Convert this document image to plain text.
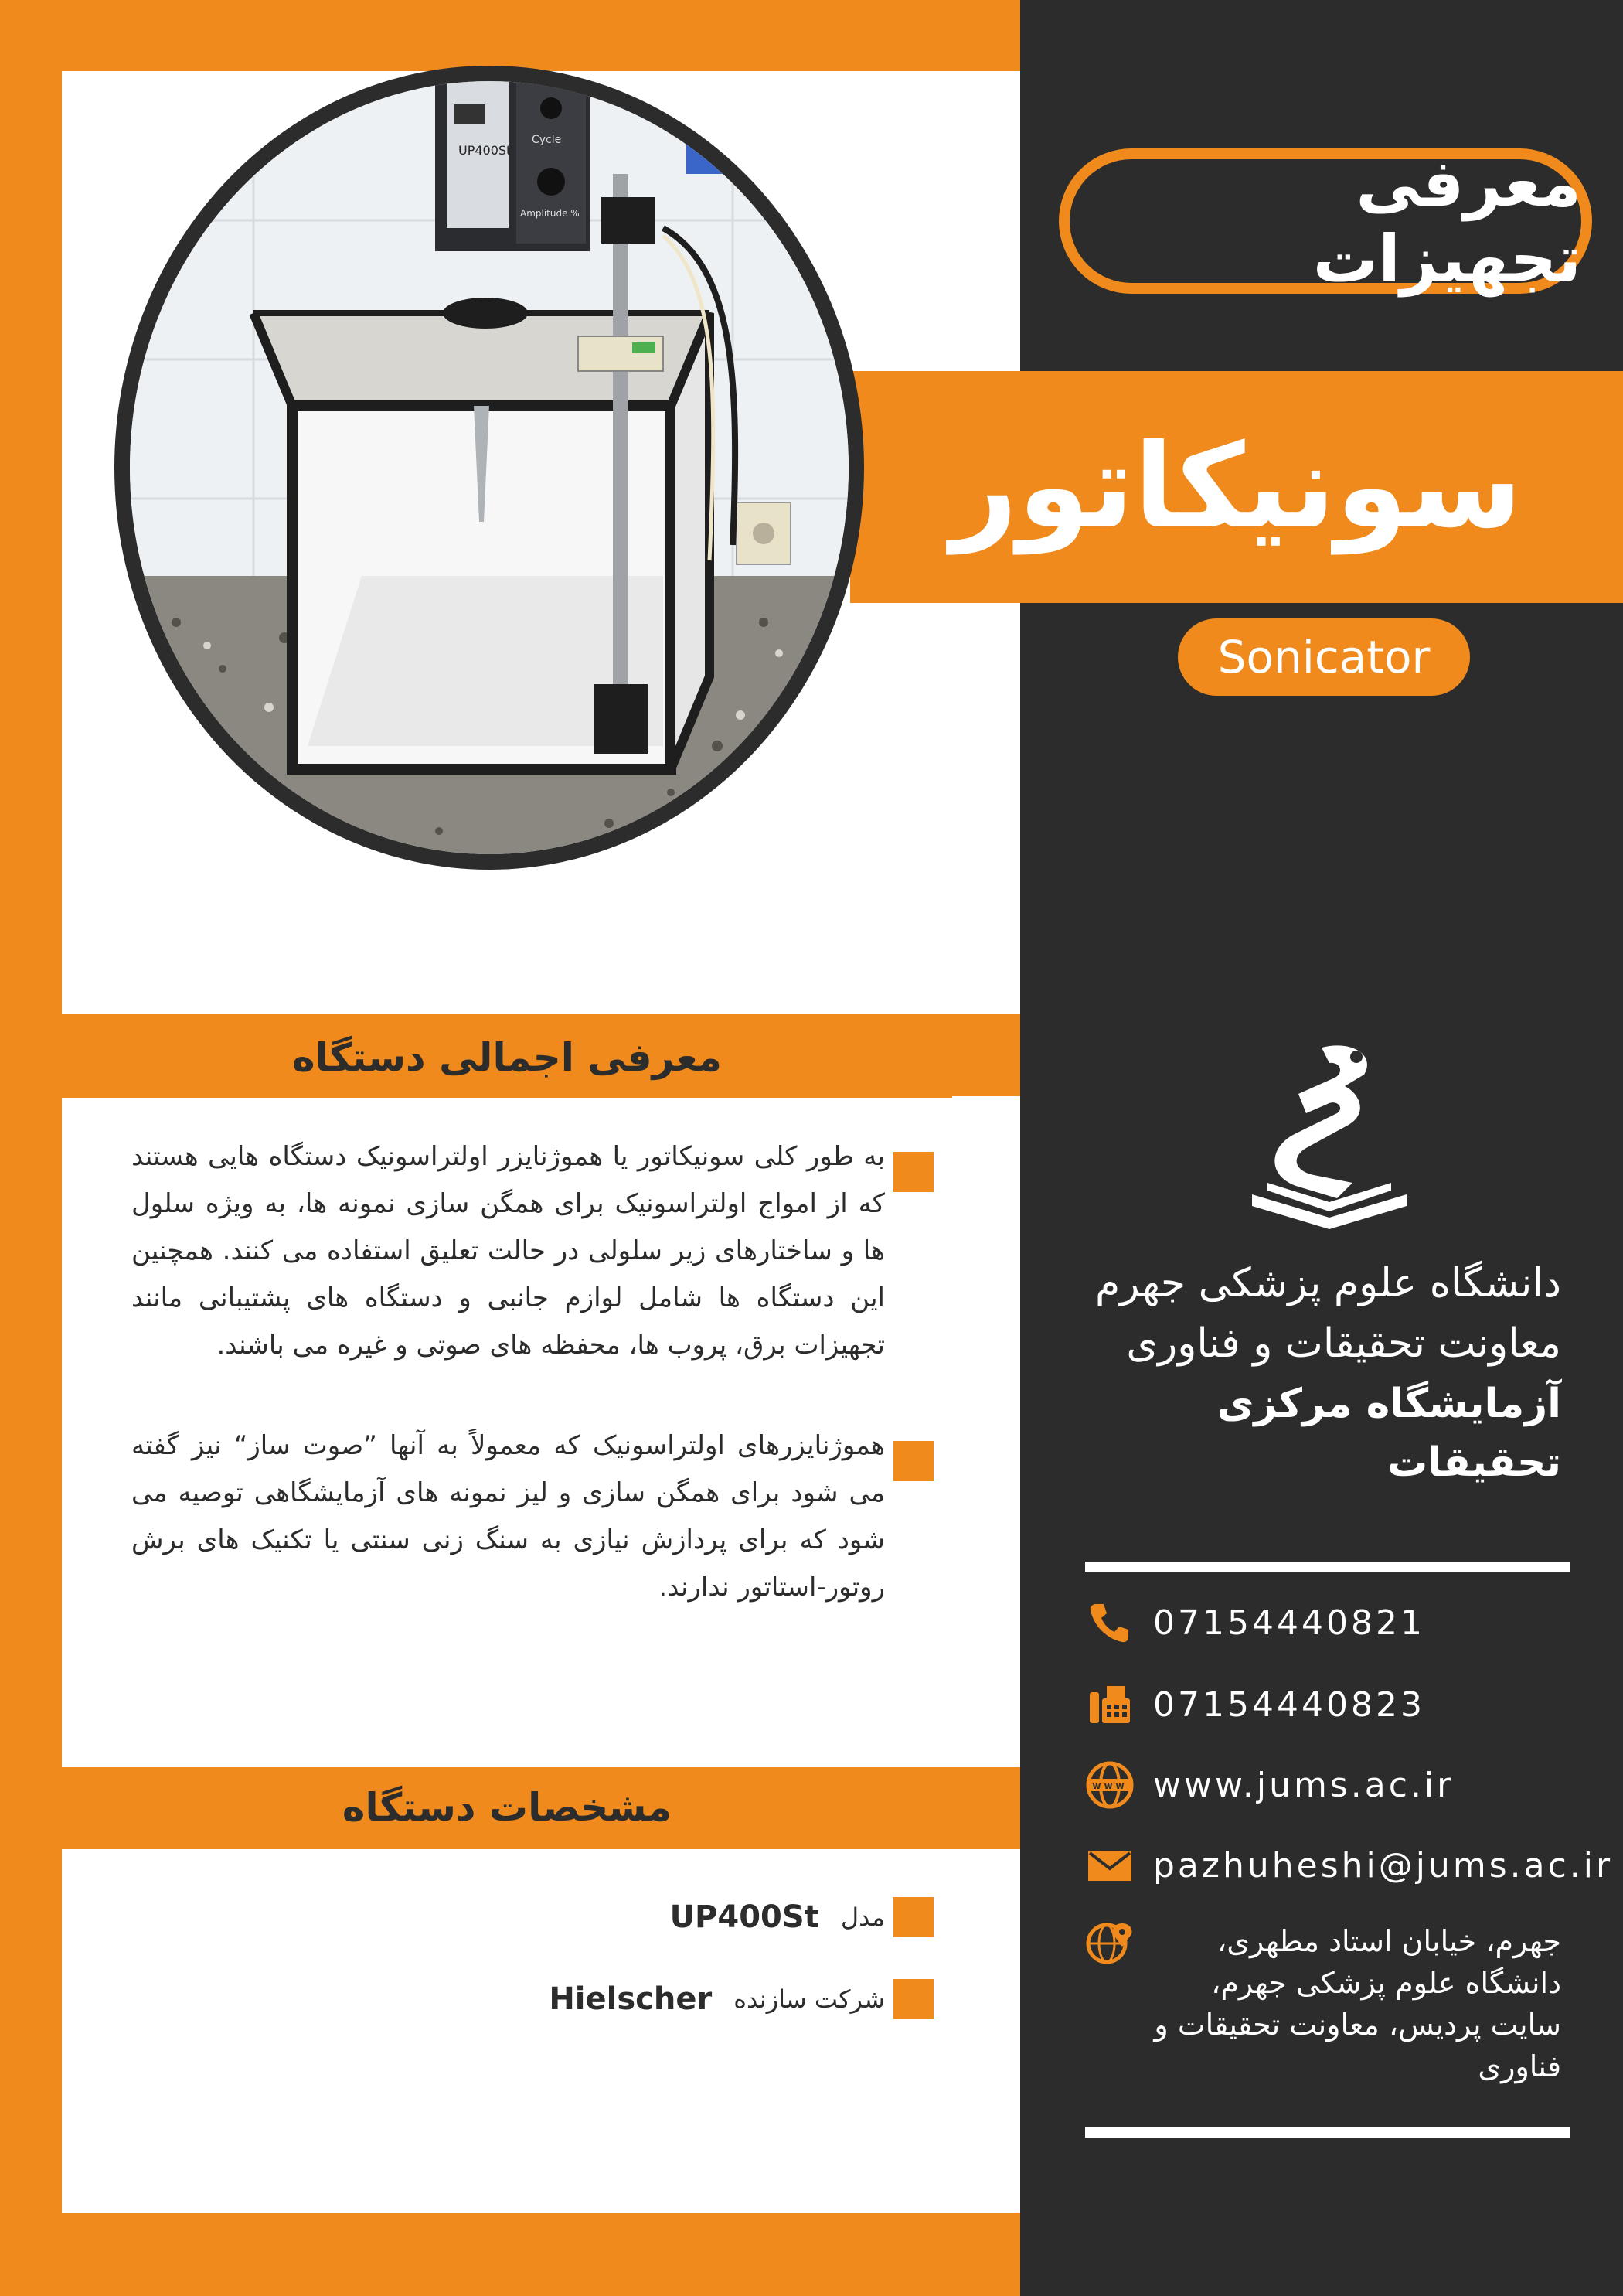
معرفی تجهیزات
سونیکاتور
Sonicator
UP400St
Cycle
Amplitude %
معرفی اجمالی دستگاه
به طور کلی سونیکاتور یا هموژنایزر اولتراسونیک دستگاه هایی هستند که از امواج اولتراسونیک برای همگن سازی نمونه ها، به ویژه سلول ها و ساختارهای زیر سلولی در حالت تعلیق استفاده می کنند. همچنین این دستگاه ها شامل لوازم جانبی و دستگاه های پشتیبانی مانند تجهیزات برق، پروب ها، محفظه های صوتی و غیره می باشند.
هموژنایزرهای اولتراسونیک که معمولاً به آنها ”صوت ساز“ نیز گفته می شود برای همگن سازی و لیز نمونه های آزمایشگاهی توصیه می شود که برای پردازش نیازی به سنگ زنی سنتی یا تکنیک های برش روتور-استاتور ندارند.
مشخصات دستگاه
مدل
UP400St
شرکت سازنده
Hielscher
دانشگاه علوم پزشکی جهرم
معاونت تحقیقات و فناوری
آزمایشگاه مرکزی تحقیقات
07154440821
07154440823
www www.jums.ac.ir
pazhuheshi@jums.ac.ir
جهرم، خیابان استاد مطهری، دانشگاه علوم پزشکی جهرم، سایت پردیس، معاونت تحقیقات و فناوری
